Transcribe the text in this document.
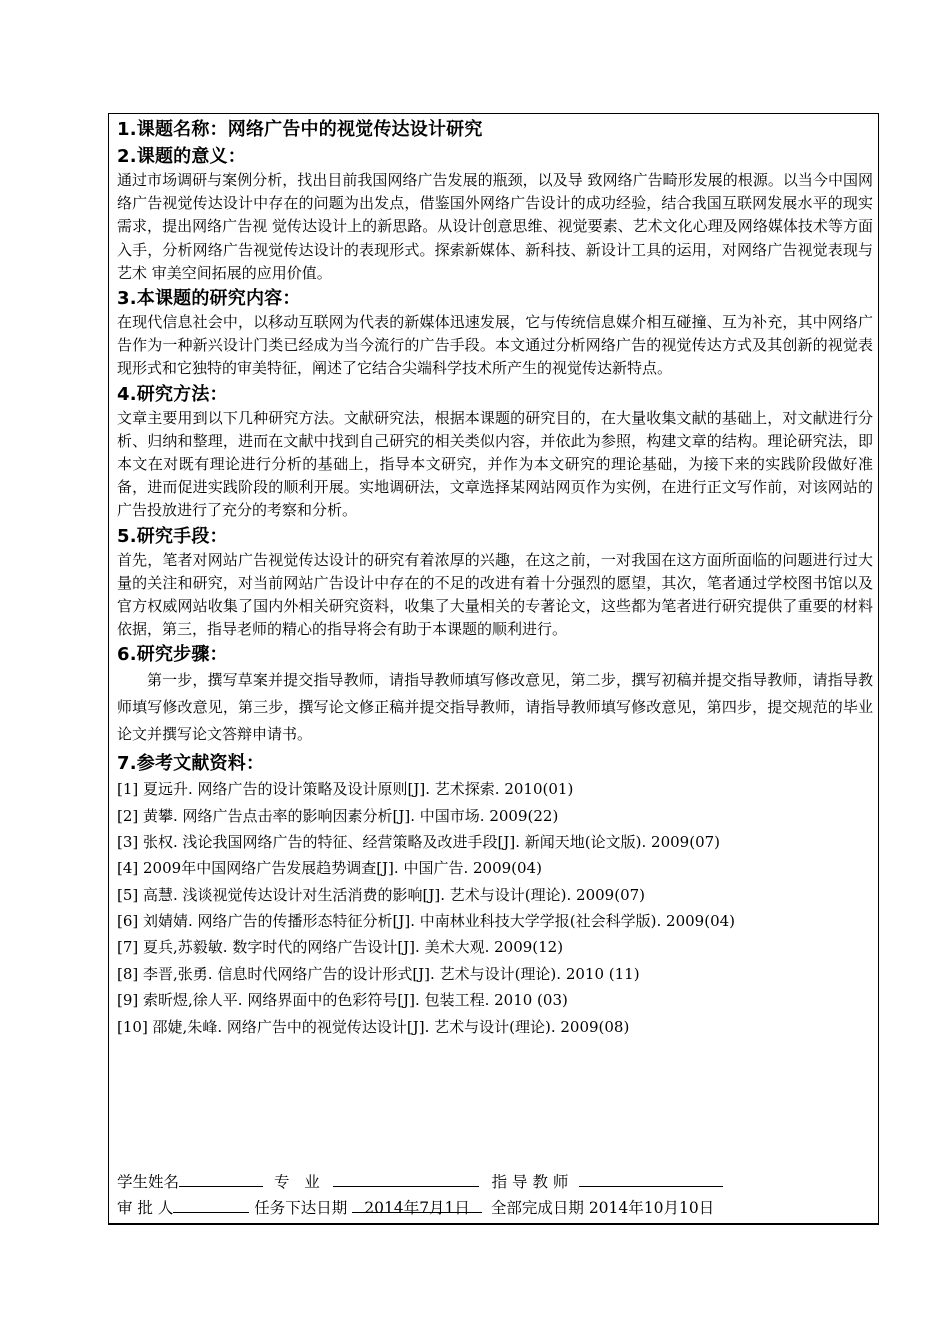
1.课题名称：网络广告中的视觉传达设计研究
2.课题的意义：

通过市场调研与案例分析，找出目前我国网络广告发展的瓶颈，以及导 致网络广告畸形发展的根源。以当今中国网络广告视觉传达设计中存在的问题为出发点，借鉴国外网络广告设计的成功经验，结合我国互联网发展水平的现实需求，提出网络广告视 觉传达设计上的新思路。从设计创意思维、视觉要素、艺术文化心理及网络媒体技术等方面入手，分析网络广告视觉传达设计的表现形式。探索新媒体、新科技、新设计工具的运用，对网络广告视觉表现与艺术 审美空间拓展的应用价值。

3.本课题的研究内容：

在现代信息社会中，以移动互联网为代表的新媒体迅速发展，它与传统信息媒介相互碰撞、互为补充，其中网络广告作为一种新兴设计门类已经成为当今流行的广告手段。本文通过分析网络广告的视觉传达方式及其创新的视觉表现形式和它独特的审美特征，阐述了它结合尖端科学技术所产生的视觉传达新特点。

4.研究方法：

文章主要用到以下几种研究方法。文献研究法，根据本课题的研究目的，在大量收集文献的基础上，对文献进行分析、归纳和整理，进而在文献中找到自己研究的相关类似内容，并依此为参照，构建文章的结构。理论研究法，即本文在对既有理论进行分析的基础上，指导本文研究，并作为本文研究的理论基础，为接下来的实践阶段做好准备，进而促进实践阶段的顺利开展。实地调研法，文章选择某网站网页作为实例，在进行正文写作前，对该网站的广告投放进行了充分的考察和分析。

5.研究手段：

首先，笔者对网站广告视觉传达设计的研究有着浓厚的兴趣，在这之前，一对我国在这方面所面临的问题进行过大量的关注和研究，对当前网站广告设计中存在的不足的改进有着十分强烈的愿望，其次，笔者通过学校图书馆以及官方权威网站收集了国内外相关研究资料，收集了大量相关的专著论文，这些都为笔者进行研究提供了重要的材料依据，第三，指导老师的精心的指导将会有助于本课题的顺利进行。

6.研究步骤：

第一步，撰写草案并提交指导教师，请指导教师填写修改意见，第二步，撰写初稿并提交指导教师，请指导教师填写修改意见，第三步，撰写论文修正稿并提交指导教师，请指导教师填写修改意见，第四步，提交规范的毕业论文并撰写论文答辩申请书。

7.参考文献资料：

[1] 夏远升. 网络广告的设计策略及设计原则[J]. 艺术探索. 2010(01)

[2] 黄攀. 网络广告点击率的影响因素分析[J]. 中国市场. 2009(22)

[3] 张权. 浅论我国网络广告的特征、经营策略及改进手段[J]. 新闻天地(论文版). 2009(07)

[4] 2009年中国网络广告发展趋势调查[J]. 中国广告. 2009(04)

[5] 高慧. 浅谈视觉传达设计对生活消费的影响[J]. 艺术与设计(理论). 2009(07)

[6] 刘婧婧. 网络广告的传播形态特征分析[J]. 中南林业科技大学学报(社会科学版). 2009(04)

[7] 夏兵,苏毅敏. 数字时代的网络广告设计[J]. 美术大观. 2009(12)

[8] 李晋,张勇. 信息时代网络广告的设计形式[J]. 艺术与设计(理论). 2010 (11)

[9] 索昕煜,徐人平. 网络界面中的色彩符号[J]. 包装工程. 2010 (03)

[10] 邵婕,朱峰. 网络广告中的视觉传达设计[J]. 艺术与设计(理论). 2009(08)

学生姓名	专   业	指 导 教 师
审 批 人	任务下达日期 2014年7月1日 全部完成日期 2014年10月10日
